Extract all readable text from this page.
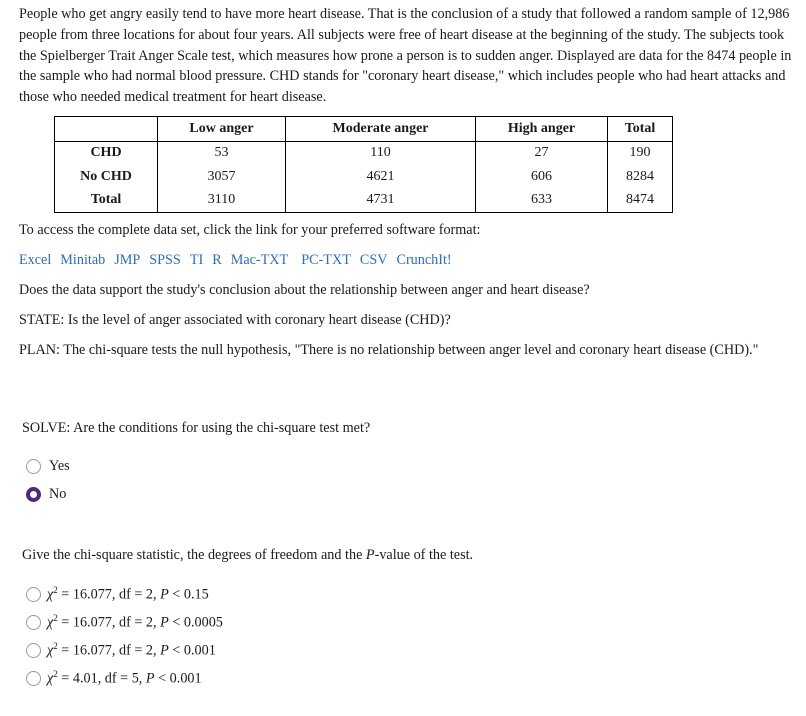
People who get angry easily tend to have more heart disease. That is the conclusion of a study that followed a random sample of 12,986 people from three locations for about four years. All subjects were free of heart disease at the beginning of the study. The subjects took the Spielberger Trait Anger Scale test, which measures how prone a person is to sudden anger. Displayed are data for the 8474 people in the sample who had normal blood pressure. CHD stands for "coronary heart disease," which includes people who had heart attacks and those who needed medical treatment for heart disease.

	Low anger	Moderate anger	High anger	Total
CHD	53	110	27	190
No CHD	3057	4621	606	8284
Total	3110	4731	633	8474

To access the complete data set, click the link for your preferred software format:

Excel Minitab JMP SPSS TI R Mac-TXT PC-TXT CSV CrunchIt!

Does the data support the study's conclusion about the relationship between anger and heart disease?

STATE: Is the level of anger associated with coronary heart disease (CHD)?

PLAN: The chi-square tests the null hypothesis, "There is no relationship between anger level and coronary heart disease (CHD)."

SOLVE: Are the conditions for using the chi-square test met?

Yes
No

Give the chi-square statistic, the degrees of freedom and the P-value of the test.

$\chi^2 = 16.077$, df = 2, P < 0.15
$\chi^2 = 16.077$, df = 2, P < 0.0005
$\chi^2 = 16.077$, df = 2, P < 0.001
$\chi^2 = 4.01$, df = 5, P < 0.001
